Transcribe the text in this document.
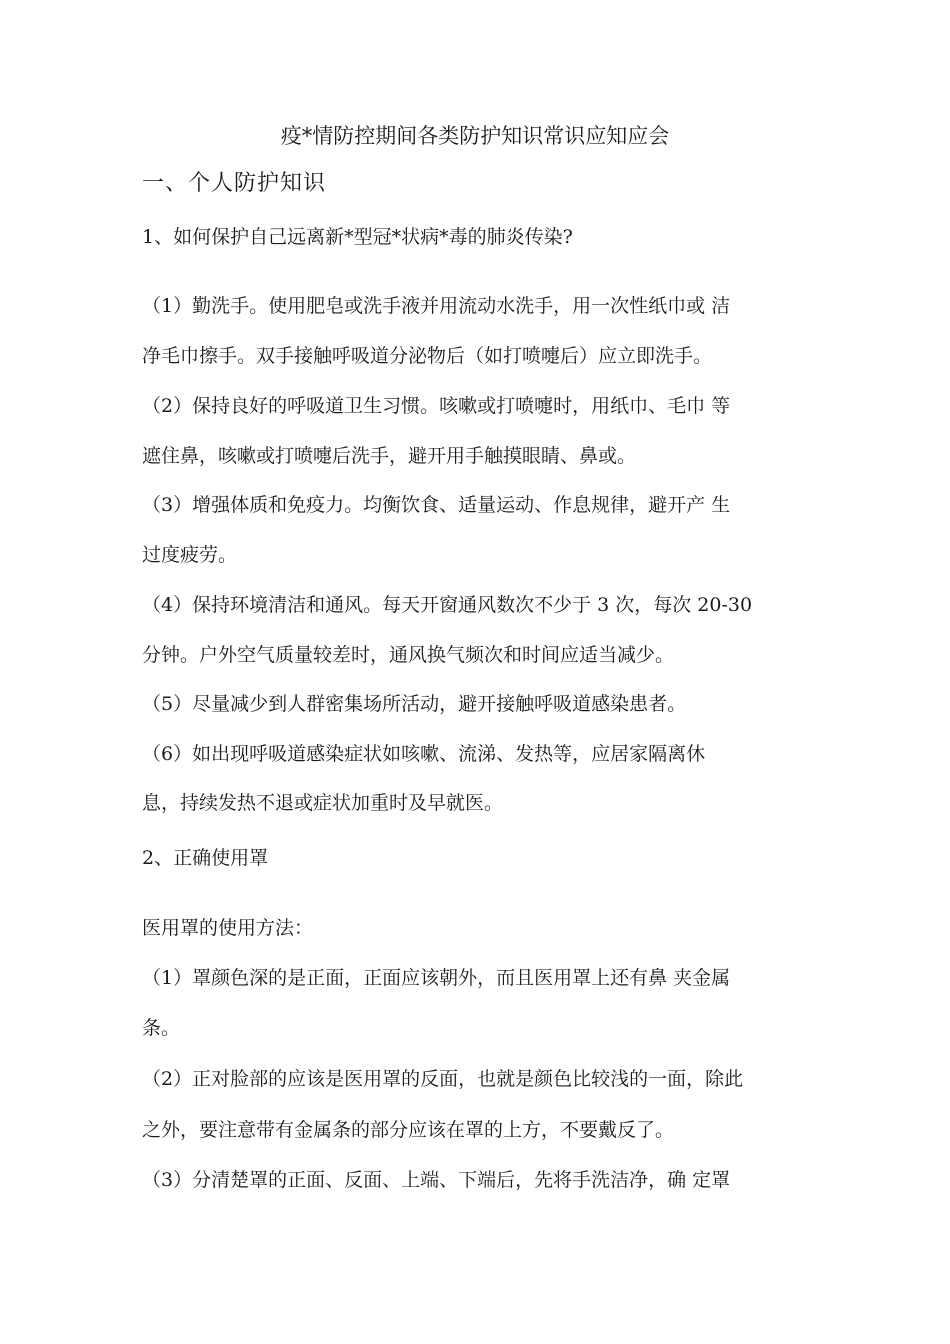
疫*情防控期间各类防护知识常识应知应会
一、个人防护知识
1、如何保护自己远离新*型冠*状病*毒的肺炎传染?
（1）勤洗手。使用肥皂或洗手液并用流动水洗手，用一次性纸巾或 洁
净毛巾擦手。双手接触呼吸道分泌物后（如打喷嚏后）应立即洗手。
（2）保持良好的呼吸道卫生习惯。咳嗽或打喷嚏时，用纸巾、毛巾 等
遮住鼻，咳嗽或打喷嚏后洗手，避开用手触摸眼睛、鼻或。
（3）增强体质和免疫力。均衡饮食、适量运动、作息规律，避开产 生
过度疲劳。
（4）保持环境清洁和通风。每天开窗通风数次不少于 3 次，每次 20-30
分钟。户外空气质量较差时，通风换气频次和时间应适当减少。
（5）尽量减少到人群密集场所活动，避开接触呼吸道感染患者。
（6）如出现呼吸道感染症状如咳嗽、流涕、发热等，应居家隔离休
息，持续发热不退或症状加重时及早就医。
2、正确使用罩
医用罩的使用方法：
（1）罩颜色深的是正面，正面应该朝外，而且医用罩上还有鼻 夹金属
条。
（2）正对脸部的应该是医用罩的反面，也就是颜色比较浅的一面，除此
之外，要注意带有金属条的部分应该在罩的上方，不要戴反了。
（3）分清楚罩的正面、反面、上端、下端后，先将手洗洁净，确 定罩
